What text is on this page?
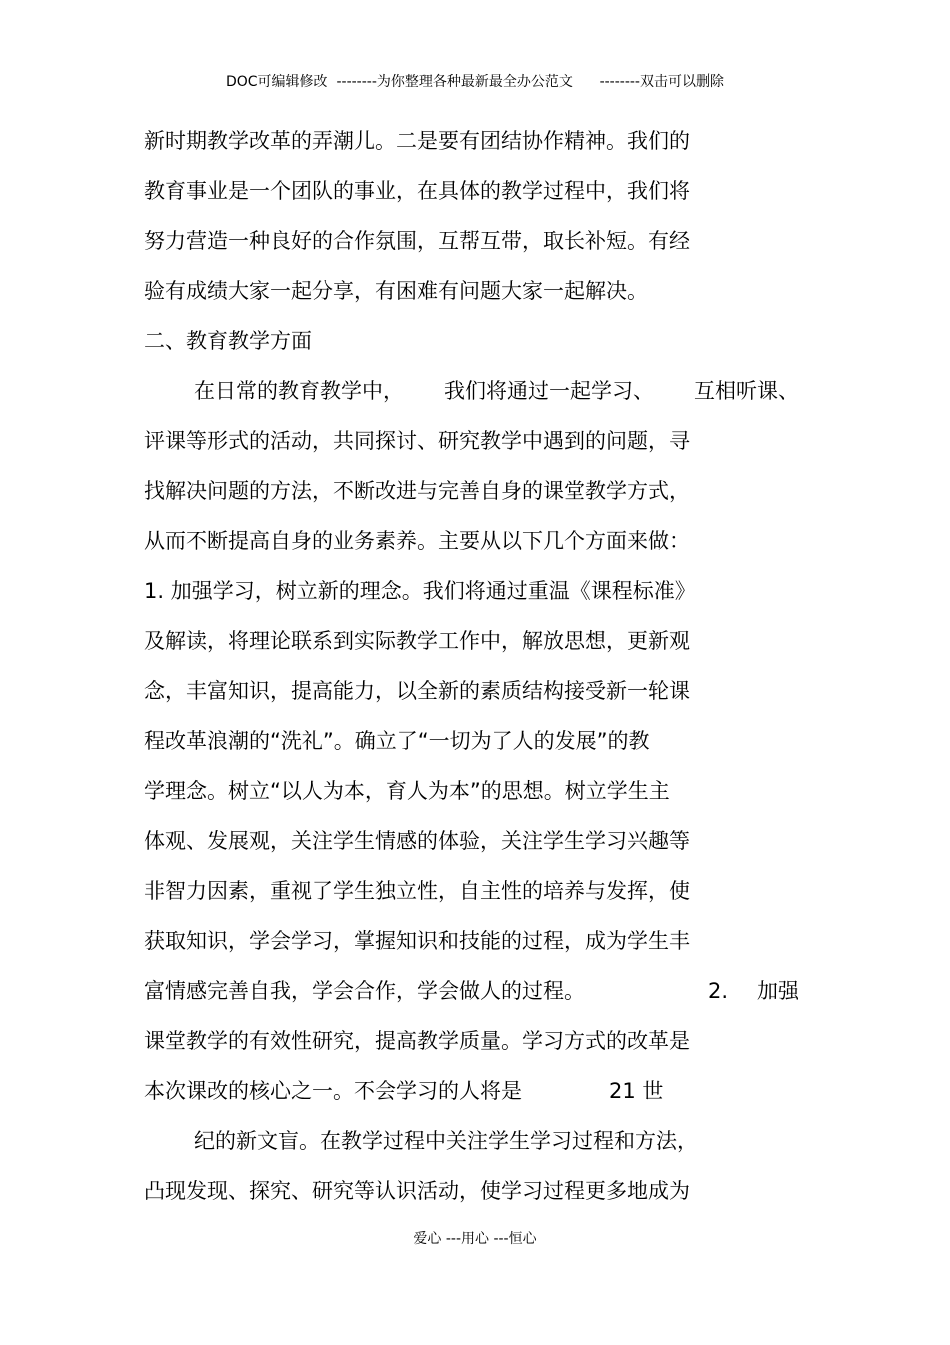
DOC可编辑修改  --------为你整理各种最新最全办公范文      --------双击可以删除
新时期教学改革的弄潮儿。二是要有团结协作精神。我们的
教育事业是一个团队的事业，在具体的教学过程中，我们将
努力营造一种良好的合作氛围，互帮互带，取长补短。有经
验有成绩大家一起分享，有困难有问题大家一起解决。
二、教育教学方面
在日常的教育教学中， 我们将通过一起学习、 互相听课、
评课等形式的活动，共同探讨、研究教学中遇到的问题，寻
找解决问题的方法，不断改进与完善自身的课堂教学方式，
从而不断提高自身的业务素养。主要从以下几个方面来做：
1. 加强学习，树立新的理念。我们将通过重温《课程标准》
及解读，将理论联系到实际教学工作中，解放思想，更新观
念，丰富知识，提高能力，以全新的素质结构接受新一轮课
程改革浪潮的“洗礼”。确立了“一切为了人的发展”的教
学理念。树立“以人为本，育人为本”的思想。树立学生主
体观、发展观，关注学生情感的体验，关注学生学习兴趣等
非智力因素，重视了学生独立性，自主性的培养与发挥，使
获取知识，学会学习，掌握知识和技能的过程，成为学生丰
富情感完善自我，学会合作，学会做人的过程。	2. 加强
课堂教学的有效性研究，提高教学质量。学习方式的改革是
本次课改的核心之一。不会学习的人将是	21 世
纪的新文盲。在教学过程中关注学生学习过程和方法，
凸现发现、探究、研究等认识活动，使学习过程更多地成为
爱心 ---用心 ---恒心
